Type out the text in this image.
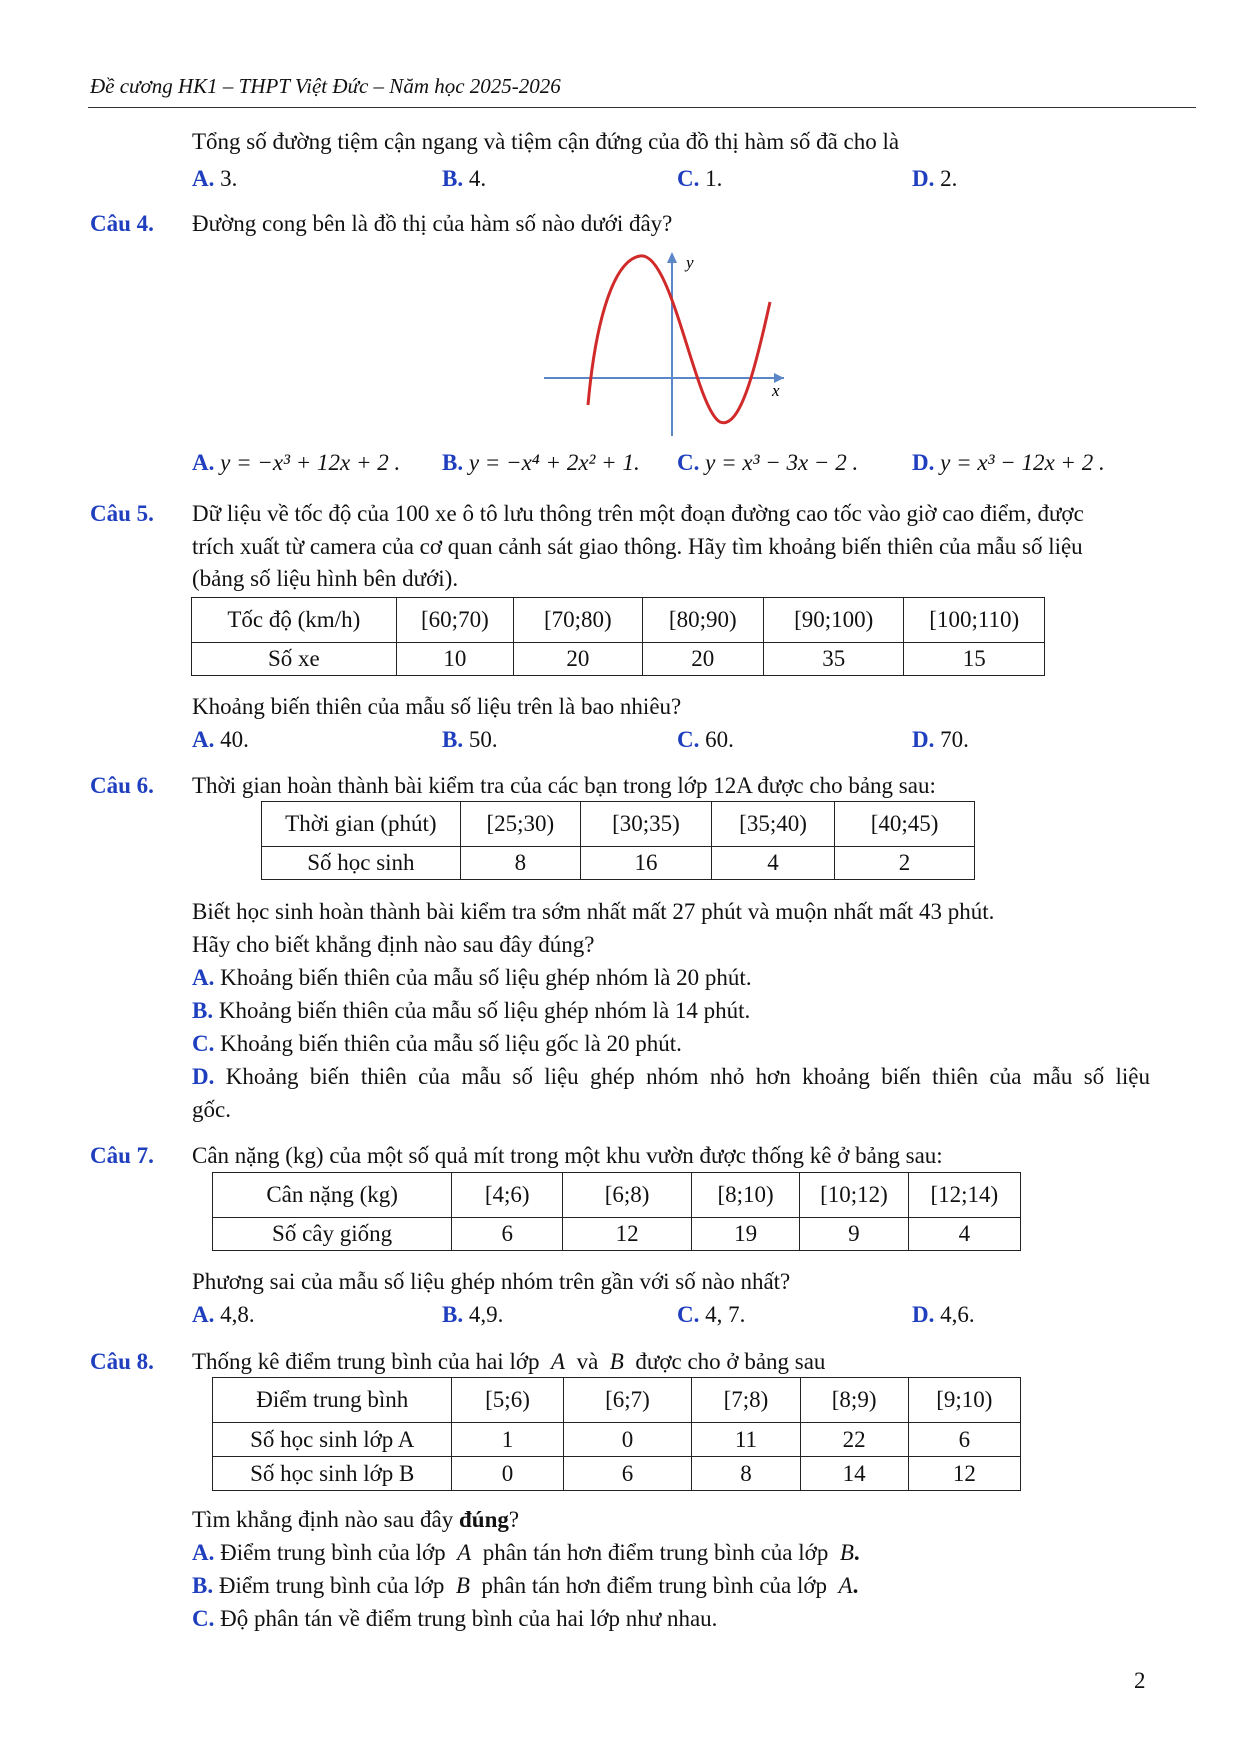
Đề cương HK1 – THPT Việt Đức – Năm học 2025-2026
Tổng số đường tiệm cận ngang và tiệm cận đứng của đồ thị hàm số đã cho là
A. 3.	B. 4.	C. 1.	D. 2.
Câu 4. Đường cong bên là đồ thị của hàm số nào dưới đây?
x
y
A. y = −x³ + 12x + 2 . B. y = −x⁴ + 2x² + 1. C. y = x³ − 3x − 2 . D. y = x³ − 12x + 2 .
Câu 5. Dữ liệu về tốc độ của 100 xe ô tô lưu thông trên một đoạn đường cao tốc vào giờ cao điểm, được
trích xuất từ camera của cơ quan cảnh sát giao thông. Hãy tìm khoảng biến thiên của mẫu số liệu
(bảng số liệu hình bên dưới).
Tốc độ (km/h)	[60;70)	[70;80)	[80;90)	[90;100)	[100;110)
Số xe	10	20	20	35	15
Khoảng biến thiên của mẫu số liệu trên là bao nhiêu?
A. 40.	B. 50.	C. 60.	D. 70.
Câu 6. Thời gian hoàn thành bài kiểm tra của các bạn trong lớp 12A được cho bảng sau:
Thời gian (phút)	[25;30)	[30;35)	[35;40)	[40;45)
Số học sinh	8	16	4	2
Biết học sinh hoàn thành bài kiểm tra sớm nhất mất 27 phút và muộn nhất mất 43 phút.
Hãy cho biết khẳng định nào sau đây đúng?
A. Khoảng biến thiên của mẫu số liệu ghép nhóm là 20 phút.
B. Khoảng biến thiên của mẫu số liệu ghép nhóm là 14 phút.
C. Khoảng biến thiên của mẫu số liệu gốc là 20 phút.
D. Khoảng biến thiên của mẫu số liệu ghép nhóm nhỏ hơn khoảng biến thiên của mẫu số liệu
gốc.
Câu 7. Cân nặng (kg) của một số quả mít trong một khu vườn được thống kê ở bảng sau:
Cân nặng (kg)	[4;6)	[6;8)	[8;10)	[10;12)	[12;14)
Số cây giống	6	12	19	9	4
Phương sai của mẫu số liệu ghép nhóm trên gần với số nào nhất?
A. 4,8.	B. 4,9.	C. 4, 7.	D. 4,6.
Câu 8. Thống kê điểm trung bình của hai lớp A và B được cho ở bảng sau
Điểm trung bình	[5;6)	[6;7)	[7;8)	[8;9)	[9;10)
Số học sinh lớp A	1	0	11	22	6
Số học sinh lớp B	0	6	8	14	12
Tìm khẳng định nào sau đây đúng?
A. Điểm trung bình của lớp A phân tán hơn điểm trung bình của lớp B.
B. Điểm trung bình của lớp B phân tán hơn điểm trung bình của lớp A.
C. Độ phân tán về điểm trung bình của hai lớp như nhau.
2
